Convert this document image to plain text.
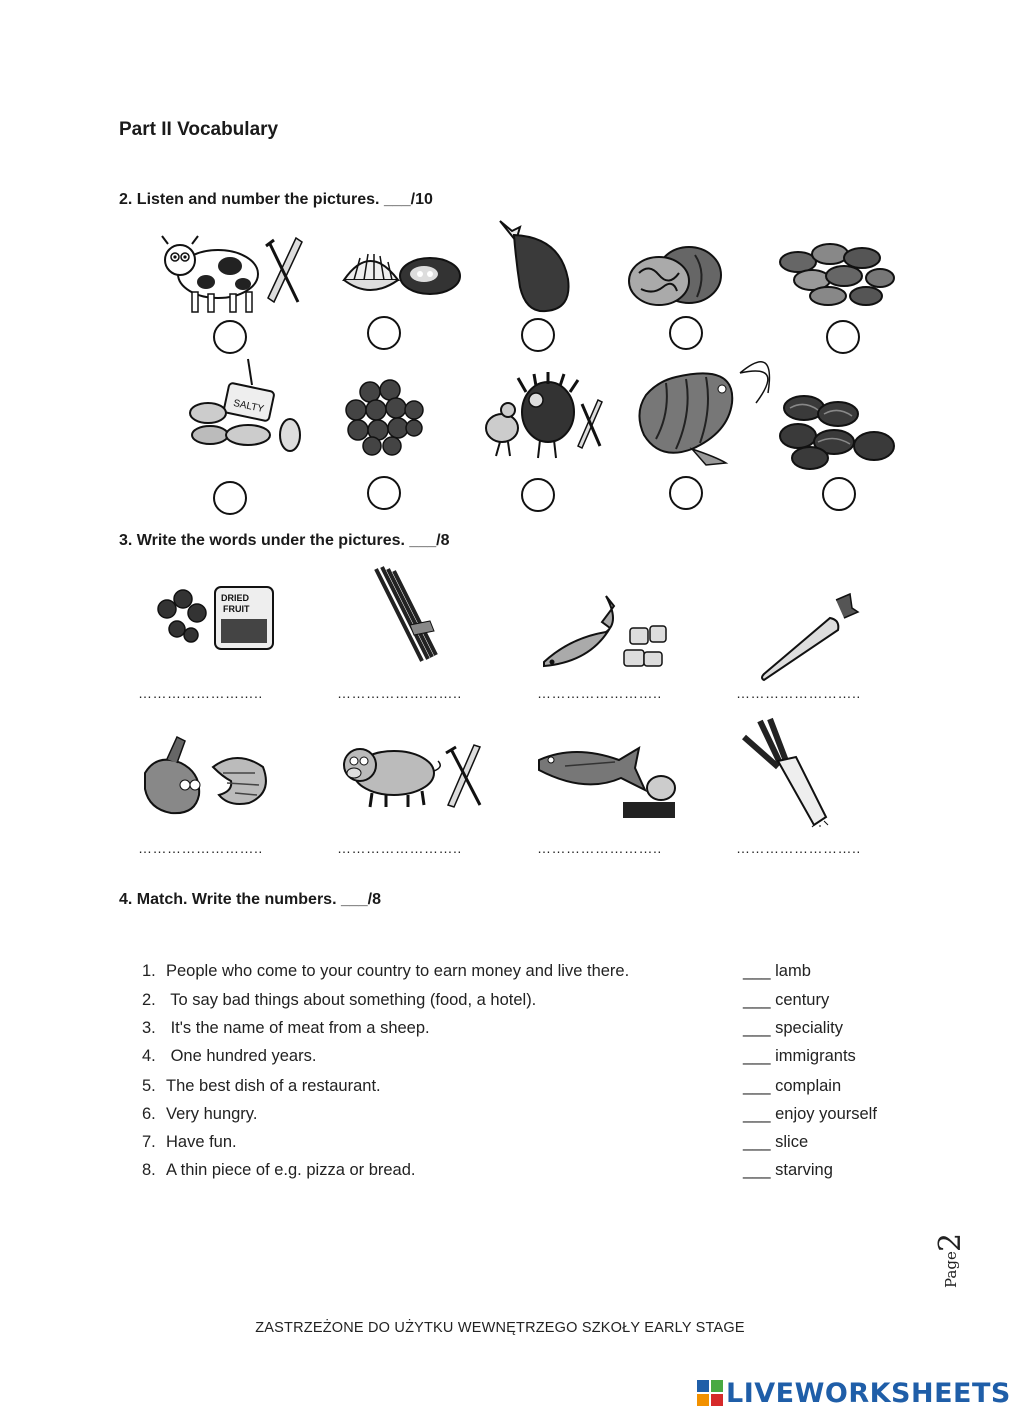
Part II Vocabulary
2. Listen and number the pictures. ___/10
SALTY
3. Write the words under the pictures. ___/8
DRIED
FRUIT
……………………..	……………………..	……………………..	……………………..
……………………..	……………………..	……………………..	……………………..
4. Match. Write the numbers. ___/8
1. People who come to your country to earn money and live there.	___ lamb
2. To say bad things about something (food, a hotel).	___ century
3. It's the name of meat from a sheep.	___ speciality
4. One hundred years.	___ immigrants
5. The best dish of a restaurant.	___ complain
6. Very hungry.	___ enjoy yourself
7. Have fun.	___ slice
8. A thin piece of e.g. pizza or bread.	___ starving
Page
2
ZASTRZEŻONE DO UŻYTKU WEWNĘTRZEGO SZKOŁY EARLY STAGE
LIVEWORKSHEETS
